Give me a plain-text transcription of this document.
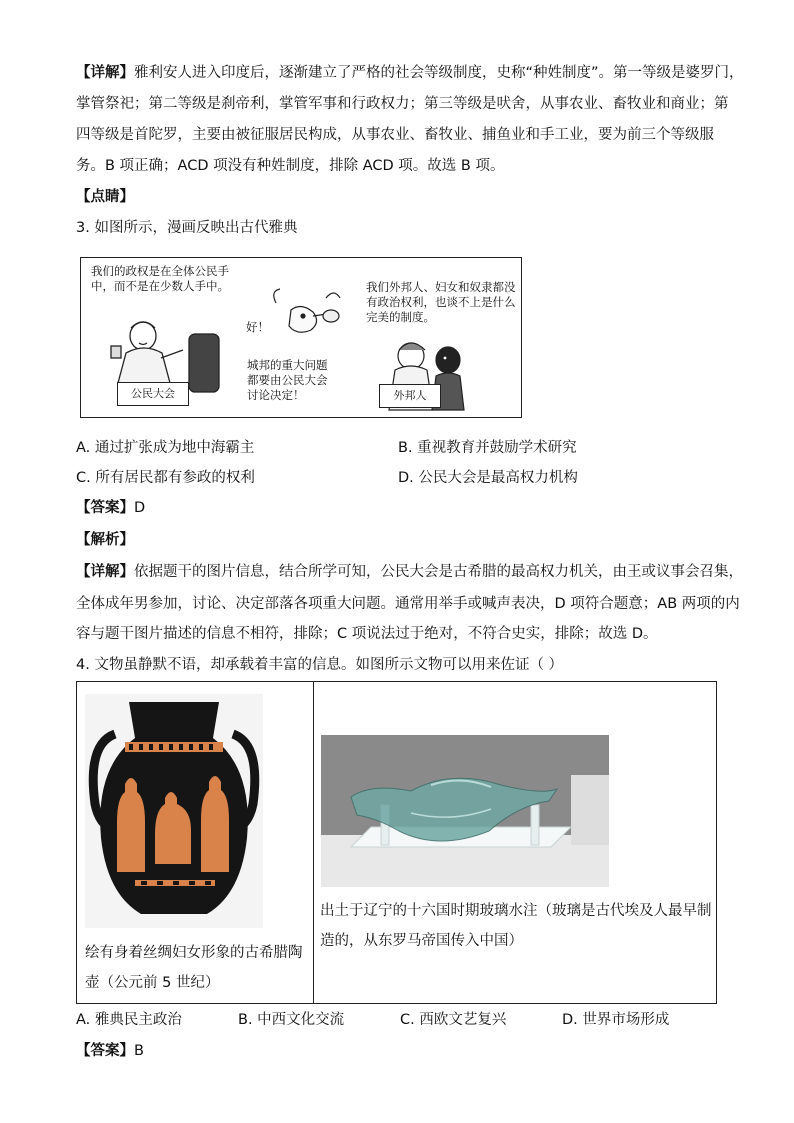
【详解】雅利安人进入印度后，逐渐建立了严格的社会等级制度，史称“种姓制度”。第一等级是婆罗门，
掌管祭祀；第二等级是刹帝利，掌管军事和行政权力；第三等级是吠舍，从事农业、畜牧业和商业；第
四等级是首陀罗，主要由被征服居民构成，从事农业、畜牧业、捕鱼业和手工业，要为前三个等级服
务。B 项正确；ACD 项没有种姓制度，排除 ACD 项。故选 B 项。
【点睛】
3. 如图所示，漫画反映出古代雅典
我们的政权是在全体公民手中，而不是在少数人手中。
好！
城邦的重大问题都要由公民大会讨论决定！
我们外邦人、妇女和奴隶都没有政治权利，也谈不上是什么完美的制度。
公民大会	外邦人
A. 通过扩张成为地中海霸主	B. 重视教育并鼓励学术研究
C. 所有居民都有参政的权利	D. 公民大会是最高权力机构
【答案】D
【解析】
【详解】依据题干的图片信息，结合所学可知，公民大会是古希腊的最高权力机关，由王或议事会召集，
全体成年男参加，讨论、决定部落各项重大问题。通常用举手或喊声表决，D 项符合题意；AB 两项的内
容与题干图片描述的信息不相符，排除；C 项说法过于绝对，不符合史实，排除；故选 D。
4. 文物虽静默不语，却承载着丰富的信息。如图所示文物可以用来佐证（ ）
绘有身着丝绸妇女形象的古希腊陶
壶（公元前 5 世纪）
出土于辽宁的十六国时期玻璃水注（玻璃是古代埃及人最早制
造的，从东罗马帝国传入中国）
A. 雅典民主政治	B. 中西文化交流	C. 西欧文艺复兴	D. 世界市场形成
【答案】B
